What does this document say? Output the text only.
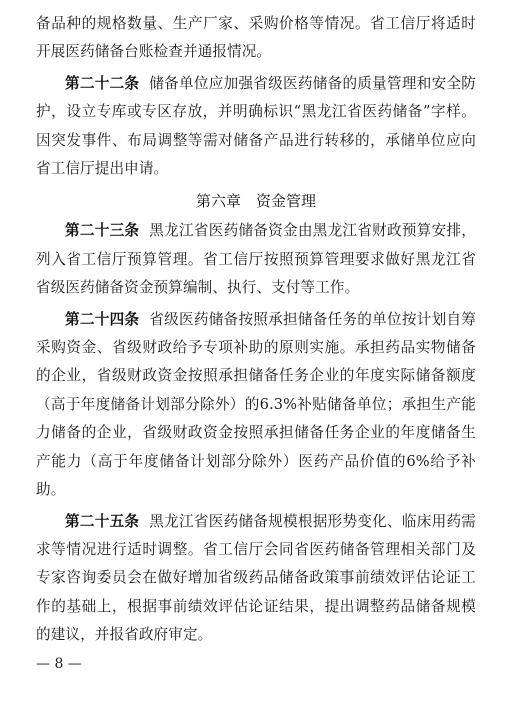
备品种的规格数量、生产厂家、采购价格等情况。省工信厅将适时开展医药储备台账检查并通报情况。

第二十二条 储备单位应加强省级医药储备的质量管理和安全防护，设立专库或专区存放，并明确标识“黑龙江省医药储备”字样。因突发事件、布局调整等需对储备产品进行转移的，承储单位应向省工信厅提出申请。

第六章　资金管理

第二十三条 黑龙江省医药储备资金由黑龙江省财政预算安排，列入省工信厅预算管理。省工信厅按照预算管理要求做好黑龙江省省级医药储备资金预算编制、执行、支付等工作。

第二十四条 省级医药储备按照承担储备任务的单位按计划自筹采购资金、省级财政给予专项补助的原则实施。承担药品实物储备的企业，省级财政资金按照承担储备任务企业的年度实际储备额度（高于年度储备计划部分除外）的6.3%补贴储备单位；承担生产能力储备的企业，省级财政资金按照承担储备任务企业的年度储备生产能力（高于年度储备计划部分除外）医药产品价值的6%给予补助。

第二十五条 黑龙江省医药储备规模根据形势变化、临床用药需求等情况进行适时调整。省工信厅会同省医药储备管理相关部门及专家咨询委员会在做好增加省级药品储备政策事前绩效评估论证工作的基础上，根据事前绩效评估论证结果，提出调整药品储备规模的建议，并报省政府审定。

— 8 —
